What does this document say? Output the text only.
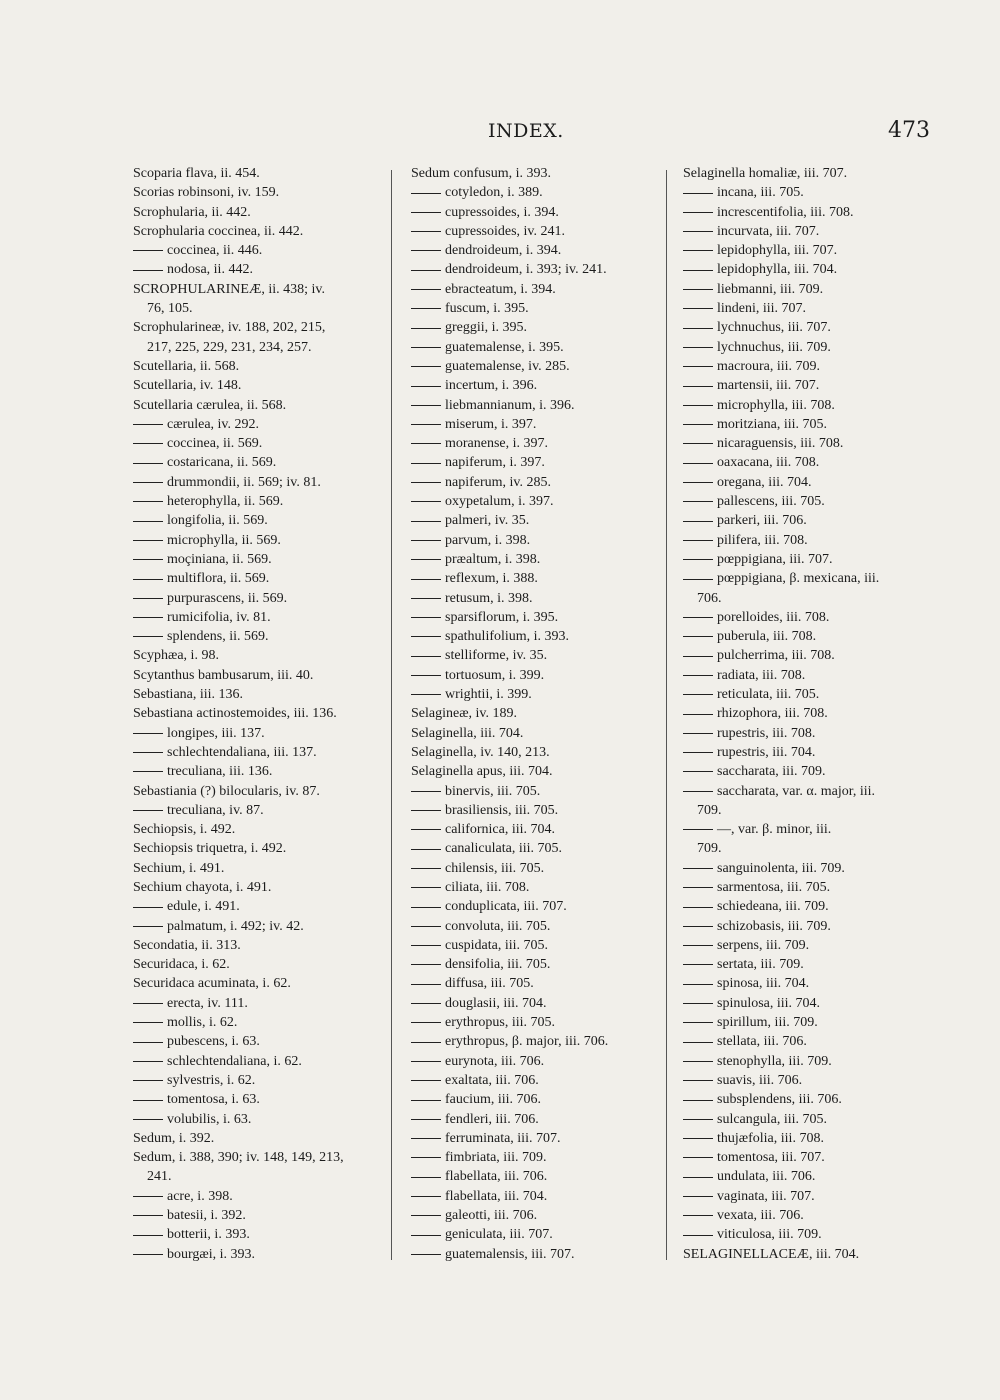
INDEX.	473
Scoparia flava, ii. 454.
Scorias robinsoni, iv. 159.
Scrophularia, ii. 442.
Scrophularia coccinea, ii. 442.
coccinea, ii. 446.
nodosa, ii. 442.
SCROPHULARINEÆ, ii. 438; iv.
76, 105.
Scrophularineæ, iv. 188, 202, 215,
217, 225, 229, 231, 234, 257.
Scutellaria, ii. 568.
Scutellaria, iv. 148.
Scutellaria cærulea, ii. 568.
cærulea, iv. 292.
coccinea, ii. 569.
costaricana, ii. 569.
drummondii, ii. 569; iv. 81.
heterophylla, ii. 569.
longifolia, ii. 569.
microphylla, ii. 569.
moçiniana, ii. 569.
multiflora, ii. 569.
purpurascens, ii. 569.
rumicifolia, iv. 81.
splendens, ii. 569.
Scyphæa, i. 98.
Scytanthus bambusarum, iii. 40.
Sebastiana, iii. 136.
Sebastiana actinostemoides, iii. 136.
longipes, iii. 137.
schlechtendaliana, iii. 137.
treculiana, iii. 136.
Sebastiania (?) bilocularis, iv. 87.
treculiana, iv. 87.
Sechiopsis, i. 492.
Sechiopsis triquetra, i. 492.
Sechium, i. 491.
Sechium chayota, i. 491.
edule, i. 491.
palmatum, i. 492; iv. 42.
Secondatia, ii. 313.
Securidaca, i. 62.
Securidaca acuminata, i. 62.
erecta, iv. 111.
mollis, i. 62.
pubescens, i. 63.
schlechtendaliana, i. 62.
sylvestris, i. 62.
tomentosa, i. 63.
volubilis, i. 63.
Sedum, i. 392.
Sedum, i. 388, 390; iv. 148, 149, 213,
241.
acre, i. 398.
batesii, i. 392.
botterii, i. 393.
bourgæi, i. 393.
Sedum confusum, i. 393.
cotyledon, i. 389.
cupressoides, i. 394.
cupressoides, iv. 241.
dendroideum, i. 394.
dendroideum, i. 393; iv. 241.
ebracteatum, i. 394.
fuscum, i. 395.
greggii, i. 395.
guatemalense, i. 395.
guatemalense, iv. 285.
incertum, i. 396.
liebmannianum, i. 396.
miserum, i. 397.
moranense, i. 397.
napiferum, i. 397.
napiferum, iv. 285.
oxypetalum, i. 397.
palmeri, iv. 35.
parvum, i. 398.
præaltum, i. 398.
reflexum, i. 388.
retusum, i. 398.
sparsiflorum, i. 395.
spathulifolium, i. 393.
stelliforme, iv. 35.
tortuosum, i. 399.
wrightii, i. 399.
Selagineæ, iv. 189.
Selaginella, iii. 704.
Selaginella, iv. 140, 213.
Selaginella apus, iii. 704.
binervis, iii. 705.
brasiliensis, iii. 705.
californica, iii. 704.
canaliculata, iii. 705.
chilensis, iii. 705.
ciliata, iii. 708.
conduplicata, iii. 707.
convoluta, iii. 705.
cuspidata, iii. 705.
densifolia, iii. 705.
diffusa, iii. 705.
douglasii, iii. 704.
erythropus, iii. 705.
erythropus, β. major, iii. 706.
eurynota, iii. 706.
exaltata, iii. 706.
faucium, iii. 706.
fendleri, iii. 706.
ferruminata, iii. 707.
fimbriata, iii. 709.
flabellata, iii. 706.
flabellata, iii. 704.
galeotti, iii. 706.
geniculata, iii. 707.
guatemalensis, iii. 707.
Selaginella homaliæ, iii. 707.
incana, iii. 705.
increscentifolia, iii. 708.
incurvata, iii. 707.
lepidophylla, iii. 707.
lepidophylla, iii. 704.
liebmanni, iii. 709.
lindeni, iii. 707.
lychnuchus, iii. 707.
lychnuchus, iii. 709.
macroura, iii. 709.
martensii, iii. 707.
microphylla, iii. 708.
moritziana, iii. 705.
nicaraguensis, iii. 708.
oaxacana, iii. 708.
oregana, iii. 704.
pallescens, iii. 705.
parkeri, iii. 706.
pilifera, iii. 708.
pœppigiana, iii. 707.
pœppigiana, β. mexicana, iii.
706.
porelloides, iii. 708.
puberula, iii. 708.
pulcherrima, iii. 708.
radiata, iii. 708.
reticulata, iii. 705.
rhizophora, iii. 708.
rupestris, iii. 708.
rupestris, iii. 704.
saccharata, iii. 709.
saccharata, var. α. major, iii.
709.
—, var. β. minor, iii.
709.
sanguinolenta, iii. 709.
sarmentosa, iii. 705.
schiedeana, iii. 709.
schizobasis, iii. 709.
serpens, iii. 709.
sertata, iii. 709.
spinosa, iii. 704.
spinulosa, iii. 704.
spirillum, iii. 709.
stellata, iii. 706.
stenophylla, iii. 709.
suavis, iii. 706.
subsplendens, iii. 706.
sulcangula, iii. 705.
thujæfolia, iii. 708.
tomentosa, iii. 707.
undulata, iii. 706.
vaginata, iii. 707.
vexata, iii. 706.
viticulosa, iii. 709.
SELAGINELLACEÆ, iii. 704.
